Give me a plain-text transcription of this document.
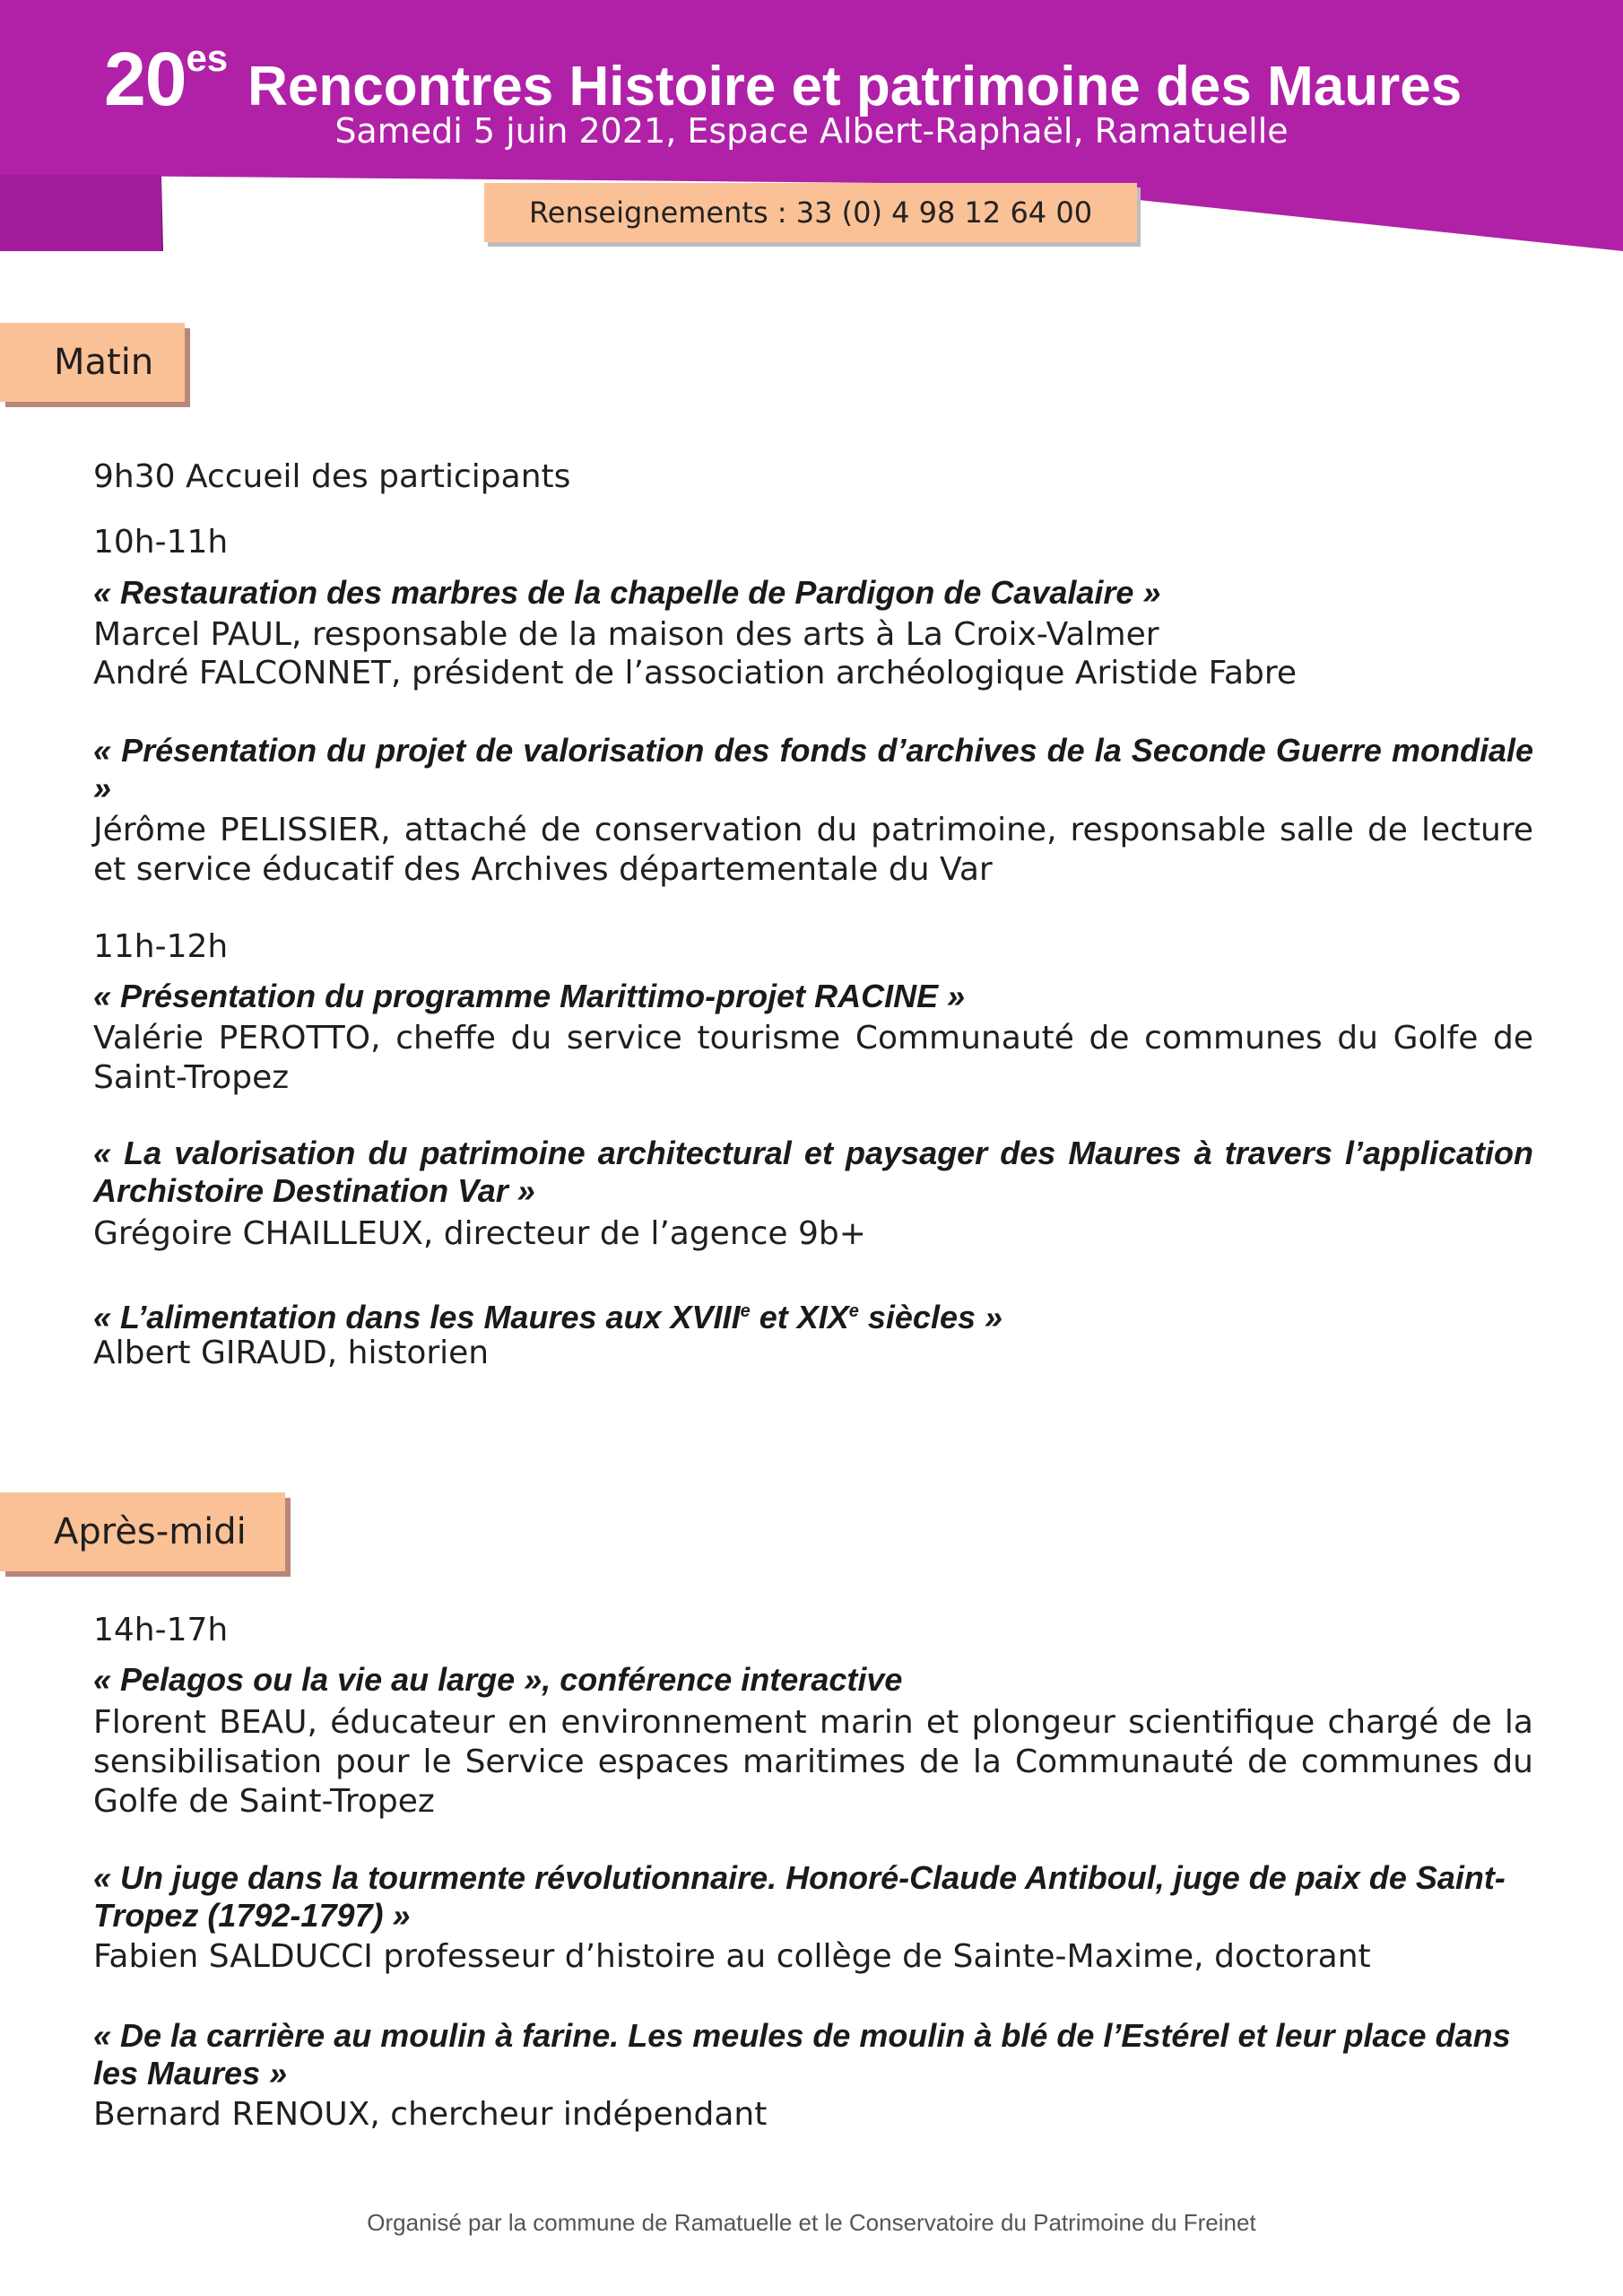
20es Rencontres Histoire et patrimoine des Maures
Samedi 5 juin 2021, Espace Albert-Raphaël, Ramatuelle
Renseignements : 33 (0) 4 98 12 64 00
Matin
9h30 Accueil des participants
10h-11h
« Restauration des marbres de la chapelle de Pardigon de Cavalaire »
Marcel PAUL, responsable de la maison des arts à La Croix-Valmer
André FALCONNET, président de l’association archéologique Aristide Fabre
« Présentation du projet de valorisation des fonds d’archives de la Seconde Guerre mondiale »
Jérôme PELISSIER, attaché de conservation du patrimoine, responsable salle de lecture et service éducatif des Archives départementale du Var
11h-12h
« Présentation du programme Marittimo-projet RACINE »
Valérie PEROTTO, cheffe du service tourisme Communauté de communes du Golfe de Saint-Tropez
« La valorisation du patrimoine architectural et paysager des Maures à travers l’application Archistoire Destination Var »
Grégoire CHAILLEUX, directeur de l’agence 9b+
« L’alimentation dans les Maures aux XVIIIe et XIXe siècles »
Albert GIRAUD, historien
Après-midi
14h-17h
« Pelagos ou la vie au large », conférence interactive
Florent BEAU, éducateur en environnement marin et plongeur scientifique chargé de la sensibilisation pour le Service espaces maritimes de la Communauté de communes du Golfe de Saint-Tropez
« Un juge dans la tourmente révolutionnaire. Honoré-Claude Antiboul, juge de paix de Saint-Tropez (1792-1797) »
Fabien SALDUCCI professeur d’histoire au collège de Sainte-Maxime, doctorant
« De la carrière au moulin à farine. Les meules de moulin à blé de l’Estérel et leur place dans les Maures »
Bernard RENOUX, chercheur indépendant
Organisé par la commune de Ramatuelle et le Conservatoire du Patrimoine du Freinet
